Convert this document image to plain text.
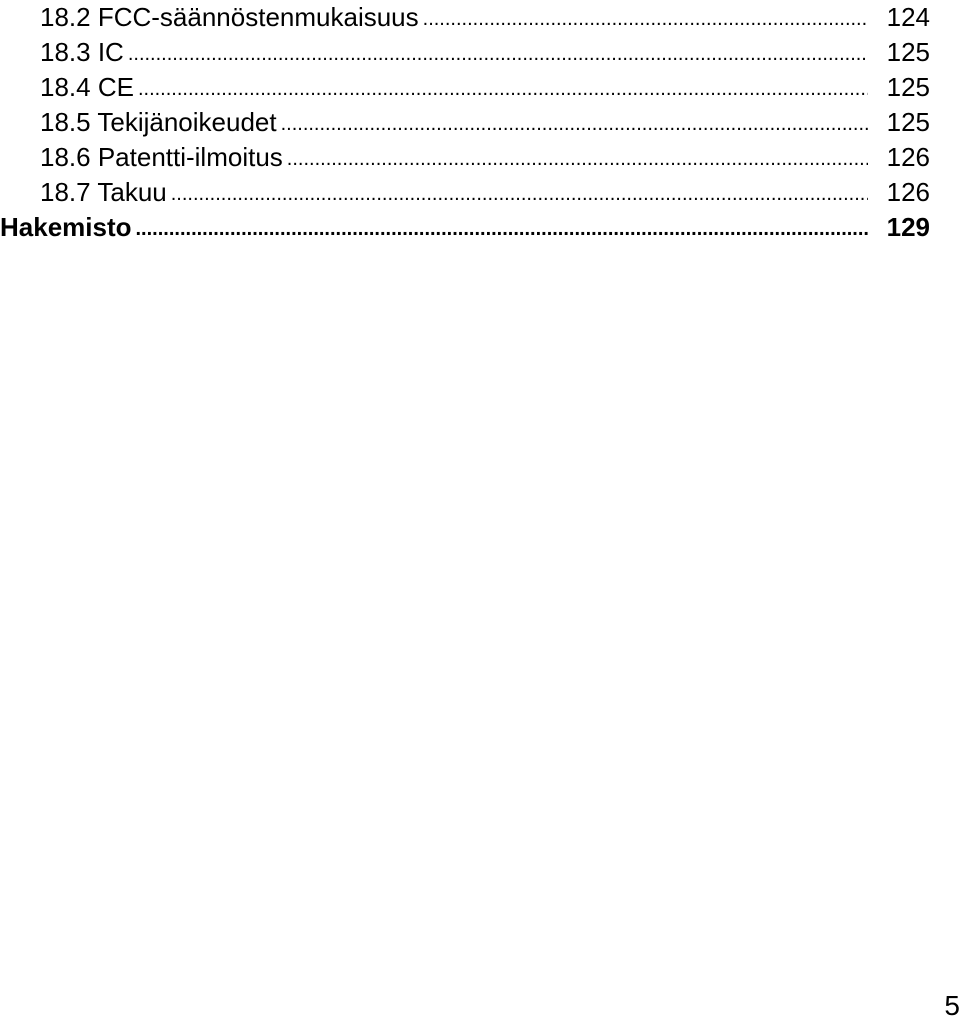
18.2 FCC-säännöstenmukaisuus .....	124
18.3 IC .....	125
18.4 CE .....	125
18.5 Tekijänoikeudet .....	125
18.6 Patentti-ilmoitus .....	126
18.7 Takuu .....	126
Hakemisto .....	129
5
